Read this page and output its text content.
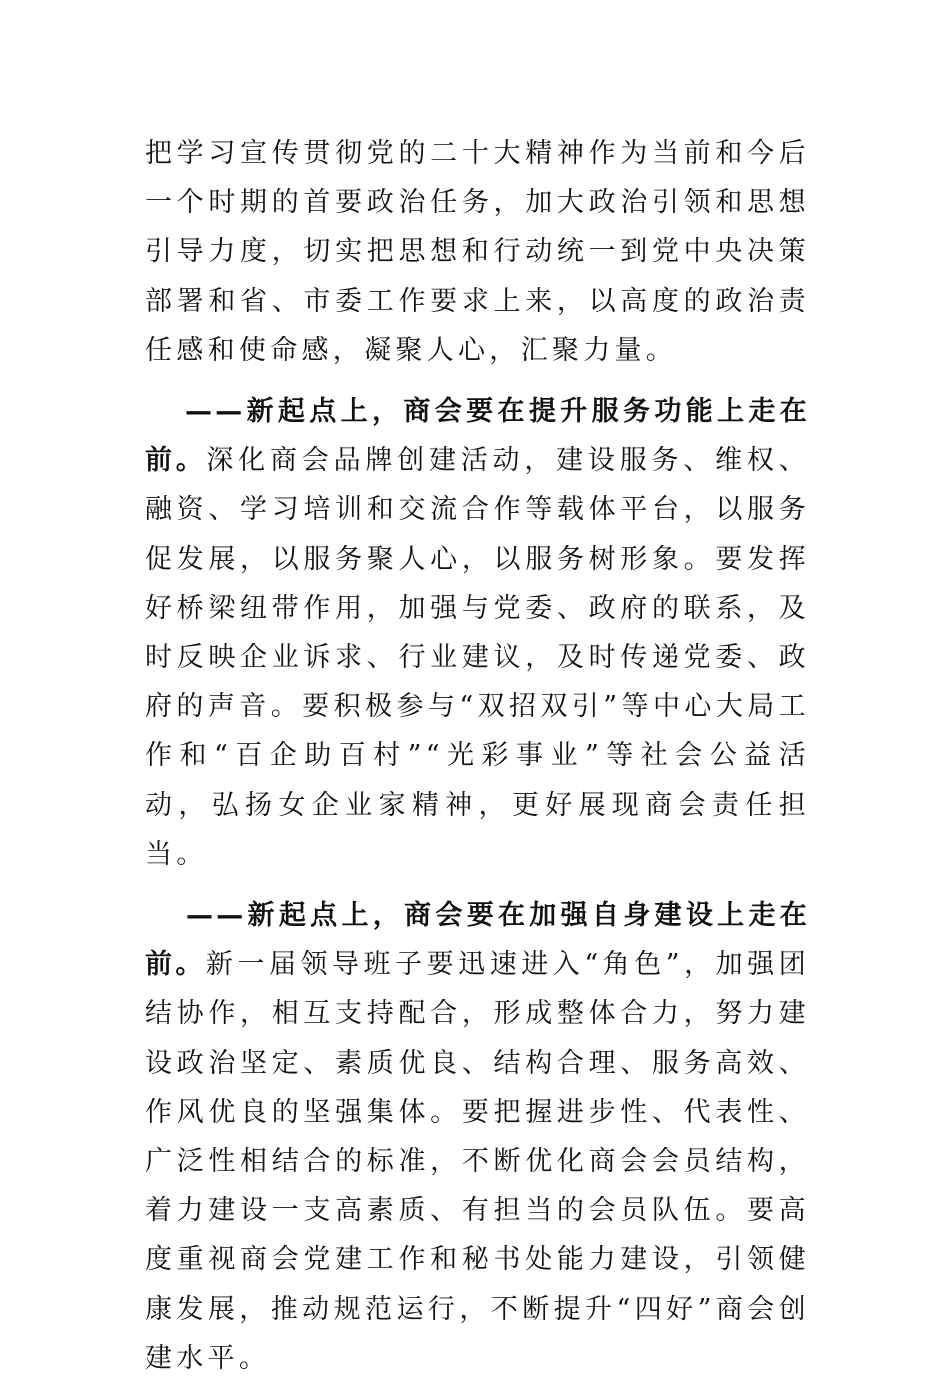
把学习宣传贯彻党的二十大精神作为当前和今后一个时期的首要政治任务，加大政治引领和思想引导力度，切实把思想和行动统一到党中央决策部署和省、市委工作要求上来，以高度的政治责任感和使命感，凝聚人心，汇聚力量。

——新起点上，商会要在提升服务功能上走在前。深化商会品牌创建活动，建设服务、维权、融资、学习培训和交流合作等载体平台，以服务促发展，以服务聚人心，以服务树形象。要发挥好桥梁纽带作用，加强与党委、政府的联系，及时反映企业诉求、行业建议，及时传递党委、政府的声音。要积极参与“双招双引”等中心大局工作和“百企助百村”“光彩事业”等社会公益活动，弘扬女企业家精神，更好展现商会责任担当。

——新起点上，商会要在加强自身建设上走在前。新一届领导班子要迅速进入“角色”，加强团结协作，相互支持配合，形成整体合力，努力建设政治坚定、素质优良、结构合理、服务高效、作风优良的坚强集体。要把握进步性、代表性、广泛性相结合的标准，不断优化商会会员结构，着力建设一支高素质、有担当的会员队伍。要高度重视商会党建工作和秘书处能力建设，引领健康发展，推动规范运行，不断提升“四好”商会创建水平。
